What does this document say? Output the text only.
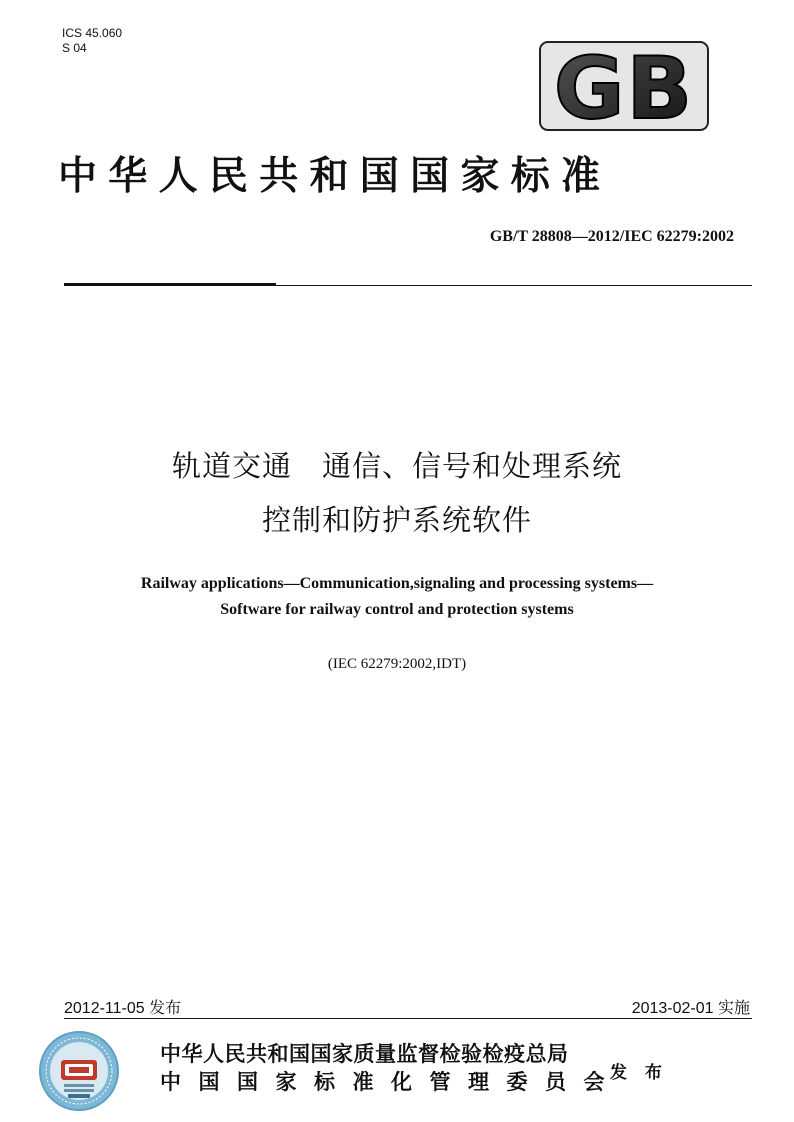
ICS 45.060
S 04	GB
中华人民共和国国家标准
GB/T 28808—2012/IEC 62279:2002
轨道交通　通信、信号和处理系统
控制和防护系统软件
Railway applications—Communication,signaling and processing systems—
Software for railway control and protection systems
(IEC 62279:2002,IDT)
2012-11-05 发布	2013-02-01 实施
中华人民共和国国家质量监督检验检疫总局
中国国家标准化管理委员会
发 布
